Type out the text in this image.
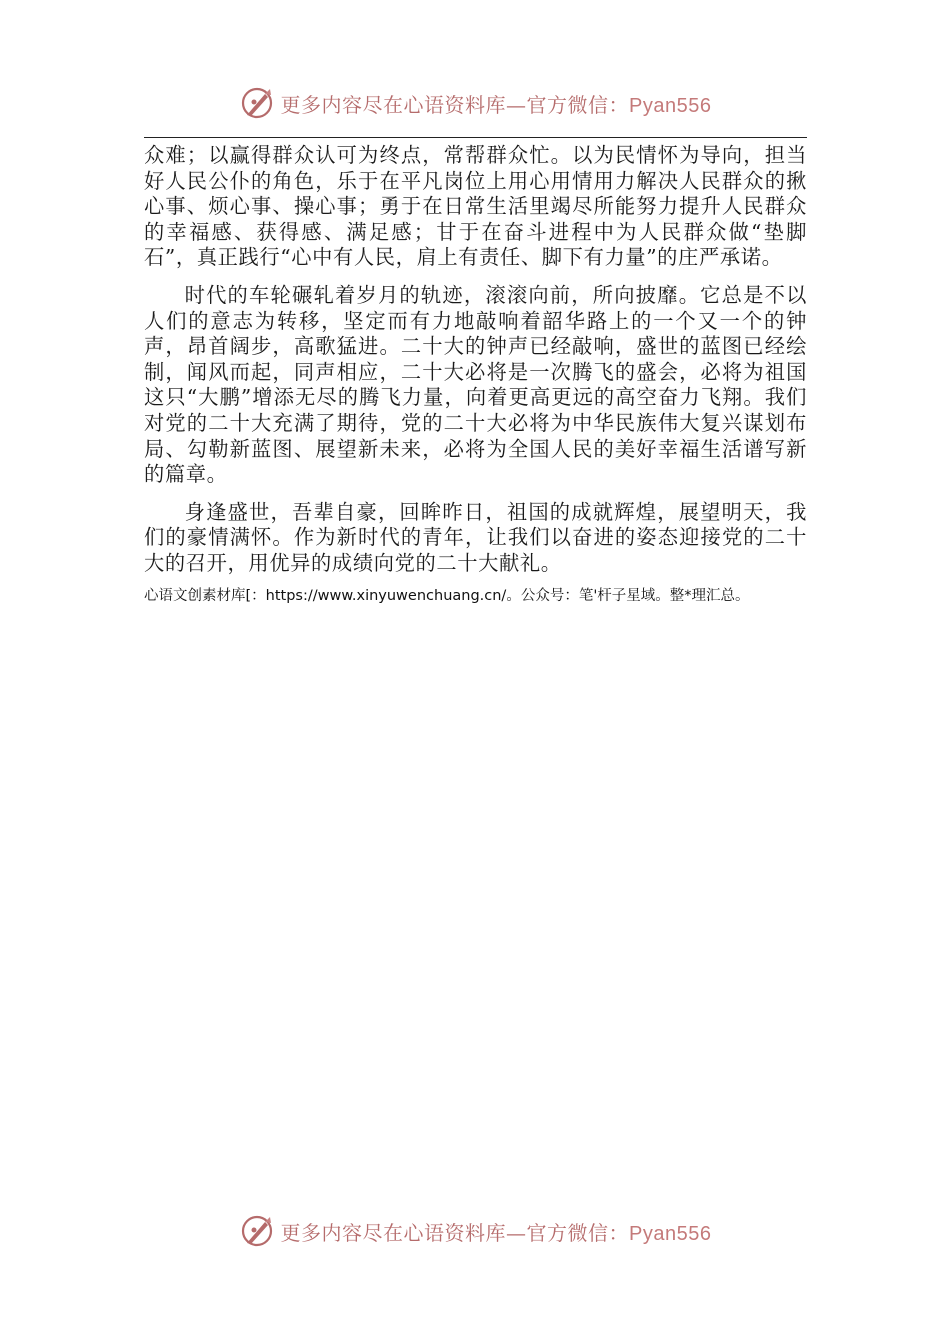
更多内容尽在心语资料库—官方微信：Pyan556

众难；以赢得群众认可为终点，常帮群众忙。以为民情怀为导向，担当好人民公仆的角色，乐于在平凡岗位上用心用情用力解决人民群众的揪心事、烦心事、操心事；勇于在日常生活里竭尽所能努力提升人民群众的幸福感、获得感、满足感；甘于在奋斗进程中为人民群众做“垫脚石”，真正践行“心中有人民，肩上有责任、脚下有力量”的庄严承诺。

时代的车轮碾轧着岁月的轨迹，滚滚向前，所向披靡。它总是不以人们的意志为转移，坚定而有力地敲响着韶华路上的一个又一个的钟声，昂首阔步，高歌猛进。二十大的钟声已经敲响，盛世的蓝图已经绘制，闻风而起，同声相应，二十大必将是一次腾飞的盛会，必将为祖国这只“大鹏”增添无尽的腾飞力量，向着更高更远的高空奋力飞翔。我们对党的二十大充满了期待，党的二十大必将为中华民族伟大复兴谋划布局、勾勒新蓝图、展望新未来，必将为全国人民的美好幸福生活谱写新的篇章。

身逢盛世，吾辈自豪，回眸昨日，祖国的成就辉煌，展望明天，我们的豪情满怀。作为新时代的青年，让我们以奋进的姿态迎接党的二十大的召开，用优异的成绩向党的二十大献礼。

心语文创素材库[：https://www.xinyuwenchuang.cn/。公众号：笔'杆子星域。整*理汇总。
更多内容尽在心语资料库—官方微信：Pyan556
